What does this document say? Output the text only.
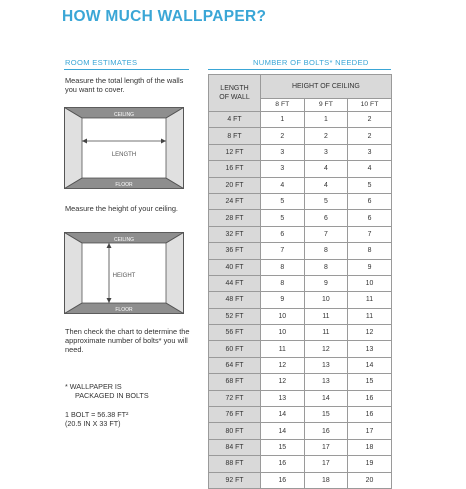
HOW MUCH WALLPAPER?
ROOM ESTIMATES
Measure the total length of the walls you want to cover.
CEILING
LENGTH
FLOOR
Measure the height of your ceiling.
CEILING
HEIGHT
FLOOR
Then check the chart to determine the approximate number of bolts* you will need.
* WALLPAPER IS
PACKAGED IN BOLTS
1 BOLT = 56.38 FT²
(20.5 IN X 33 FT)
NUMBER OF BOLTS* NEEDED
LENGTH
OF WALL	HEIGHT OF CEILING		
	8 FT	9 FT	10 FT
4 FT	1	1	2
8 FT	2	2	2
12 FT	3	3	3
16 FT	3	4	4
20 FT	4	4	5
24 FT	5	5	6
28 FT	5	6	6
32 FT	6	7	7
36 FT	7	8	8
40 FT	8	8	9
44 FT	8	9	10
48 FT	9	10	11
52 FT	10	11	11
56 FT	10	11	12
60 FT	11	12	13
64 FT	12	13	14
68 FT	12	13	15
72 FT	13	14	16
76 FT	14	15	16
80 FT	14	16	17
84 FT	15	17	18
88 FT	16	17	19
92 FT	16	18	20
